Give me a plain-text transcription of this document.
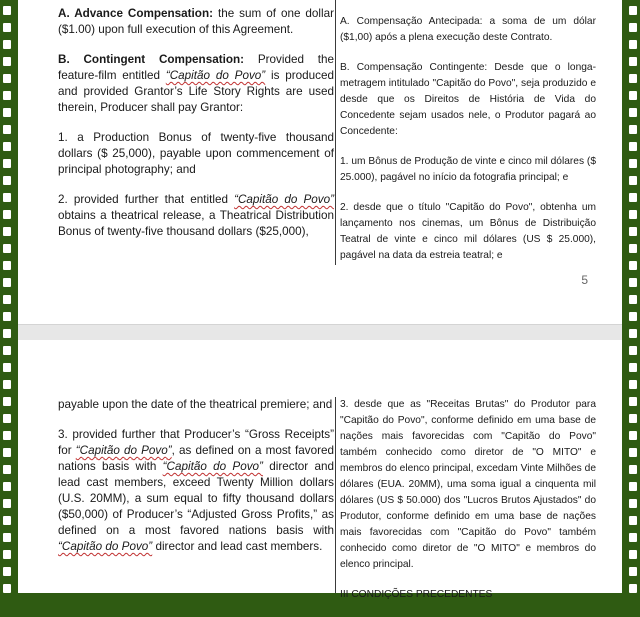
A. Advance Compensation: the sum of one dollar ($1.00) upon full execution of this Agreement.

B. Contingent Compensation: Provided the feature-film entitled “Capitão do Povo” is produced and provided Grantor’s Life Story Rights are used therein, Producer shall pay Grantor:

1. a Production Bonus of twenty-five thousand dollars ($ 25,000), payable upon commencement of principal photography; and

2. provided further that entitled “Capitão do Povo” obtains a theatrical release, a Theatrical Distribution Bonus of twenty-five thousand dollars ($25,000),

A. Compensação Antecipada: a soma de um dólar ($1,00) após a plena execução deste Contrato.

B. Compensação Contingente: Desde que o longa-metragem intitulado "Capitão do Povo", seja produzido e desde que os Direitos de História de Vida do Concedente sejam usados nele, o Produtor pagará ao Concedente:

1. um Bônus de Produção de vinte e cinco mil dólares ($ 25.000), pagável no início da fotografia principal; e

2. desde que o título "Capitão do Povo", obtenha um lançamento nos cinemas, um Bônus de Distribuição Teatral de vinte e cinco mil dólares (US $ 25.000), pagável na data da estreia teatral; e

5

payable upon the date of the theatrical premiere; and

3. provided further that Producer’s “Gross Receipts” for “Capitão do Povo”, as defined on a most favored nations basis with “Capitão do Povo” director and lead cast members, exceed Twenty Million dollars (U.S. 20MM), a sum equal to fifty thousand dollars ($50,000) of Producer’s “Adjusted Gross Profits,” as defined on a most favored nations basis with “Capitão do Povo” director and lead cast members.

3. desde que as "Receitas Brutas" do Produtor para "Capitão do Povo", conforme definido em uma base de nações mais favorecidas com "Capitão do Povo" também conhecido como diretor de "O MITO" e membros do elenco principal, excedam Vinte Milhões de dólares (EUA. 20MM), uma soma igual a cinquenta mil dólares (US $ 50.000) dos "Lucros Brutos Ajustados" do Produtor, conforme definido em uma base de nações mais favorecidas com "Capitão do Povo" também conhecido como diretor de "O MITO" e membros do elenco principal.

III CONDIÇÕES PRECEDENTES
